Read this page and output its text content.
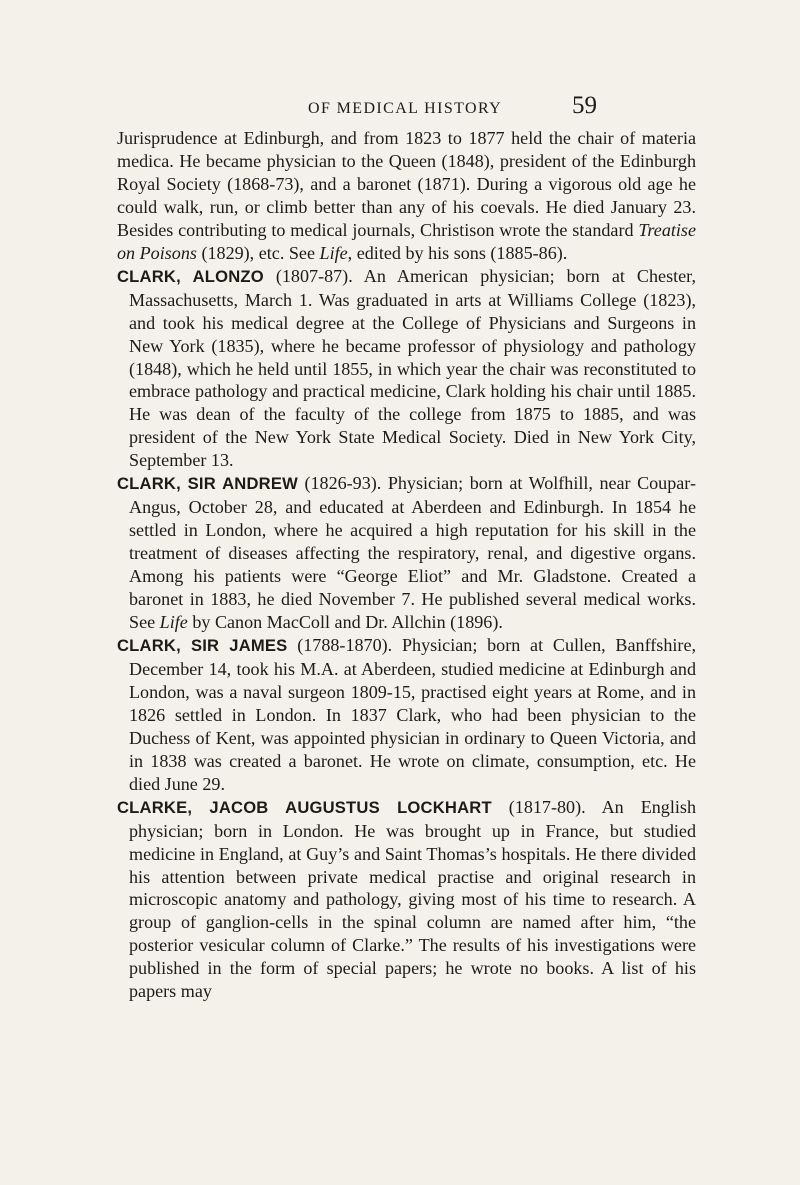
OF MEDICAL HISTORY	59

Jurisprudence at Edinburgh, and from 1823 to 1877 held the chair of materia medica. He became physician to the Queen (1848), president of the Edinburgh Royal Society (1868-73), and a baronet (1871). During a vigorous old age he could walk, run, or climb better than any of his coevals. He died January 23. Besides contributing to medical journals, Christison wrote the standard Treatise on Poisons (1829), etc. See Life, edited by his sons (1885-86).

CLARK, ALONZO (1807-87). An American physician; born at Chester, Massachusetts, March 1. Was graduated in arts at Williams College (1823), and took his medical degree at the College of Physicians and Surgeons in New York (1835), where he became professor of physiology and pathology (1848), which he held until 1855, in which year the chair was reconstituted to embrace pathology and practical medicine, Clark holding his chair until 1885. He was dean of the faculty of the college from 1875 to 1885, and was president of the New York State Medical Society. Died in New York City, September 13.

CLARK, SIR ANDREW (1826-93). Physician; born at Wolfhill, near Coupar-Angus, October 28, and educated at Aberdeen and Edinburgh. In 1854 he settled in London, where he acquired a high reputation for his skill in the treatment of diseases affecting the respiratory, renal, and digestive organs. Among his patients were “George Eliot” and Mr. Gladstone. Created a baronet in 1883, he died November 7. He published several medical works. See Life by Canon MacColl and Dr. Allchin (1896).

CLARK, SIR JAMES (1788-1870). Physician; born at Cullen, Banffshire, December 14, took his M.A. at Aberdeen, studied medicine at Edinburgh and London, was a naval surgeon 1809-15, practised eight years at Rome, and in 1826 settled in London. In 1837 Clark, who had been physician to the Duchess of Kent, was appointed physician in ordinary to Queen Victoria, and in 1838 was created a baronet. He wrote on climate, consumption, etc. He died June 29.

CLARKE, JACOB AUGUSTUS LOCKHART (1817-80). An English physician; born in London. He was brought up in France, but studied medicine in England, at Guy’s and Saint Thomas’s hospitals. He there divided his attention between private medical practise and original research in microscopic anatomy and pathology, giving most of his time to research. A group of ganglion-cells in the spinal column are named after him, “the posterior vesicular column of Clarke.” The results of his investigations were published in the form of special papers; he wrote no books. A list of his papers may
